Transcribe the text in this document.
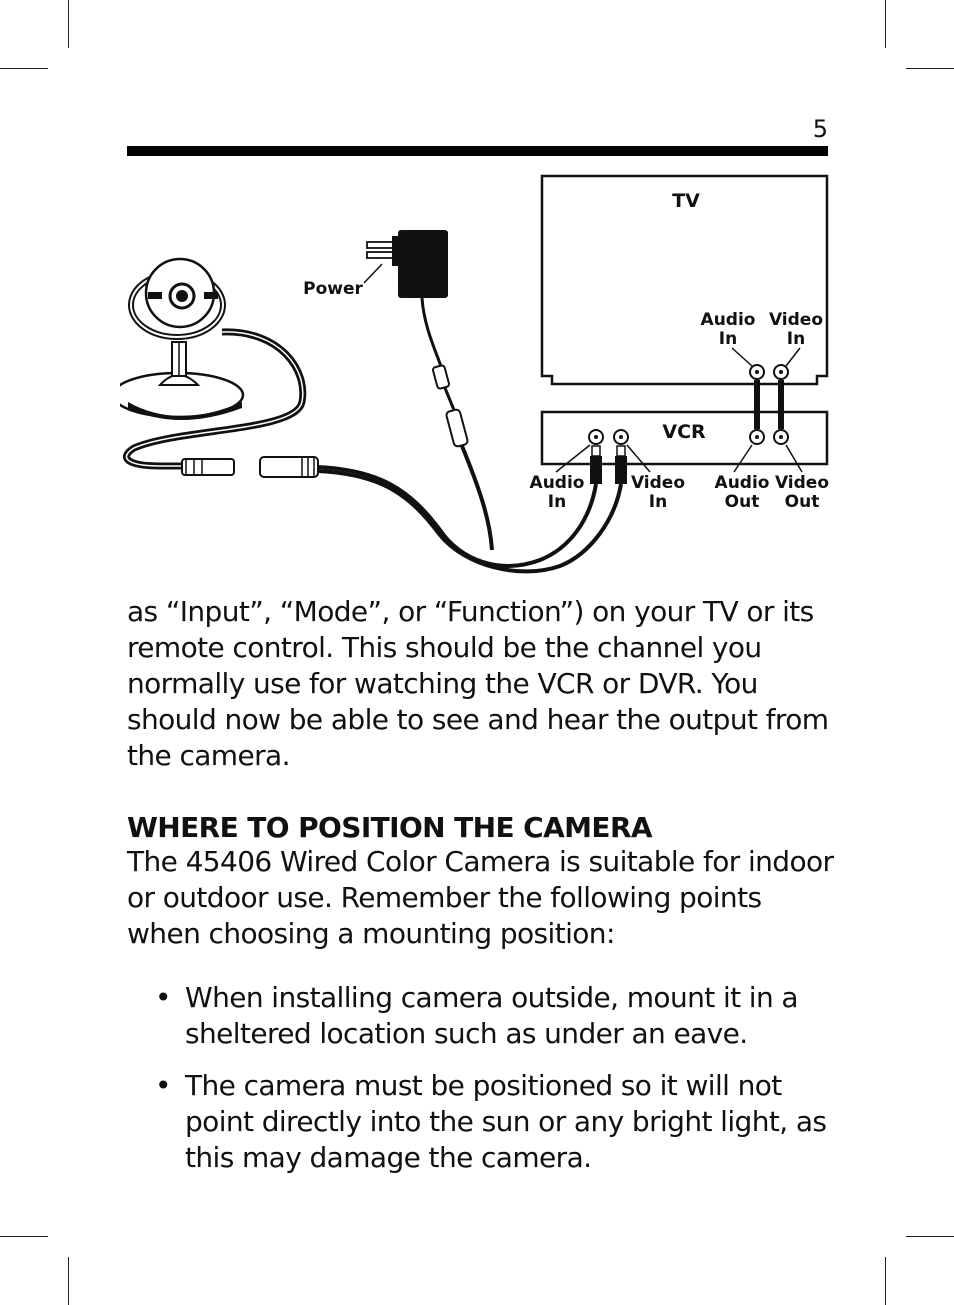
5
TV
Audio
In
Video
In
VCR
Audio
In
Video
In
Audio
Out
Video
Out
Power

as “Input”, “Mode”, or “Function”) on your TV or its remote control. This should be the channel you normally use for watching the VCR or DVR. You should now be able to see and hear the output from the camera.

WHERE TO POSITION THE CAMERA

The 45406 Wired Color Camera is suitable for indoor or outdoor use. Remember the following points when choosing a mounting position:

• When installing camera outside, mount it in a sheltered location such as under an eave.
• The camera must be positioned so it will not point directly into the sun or any bright light, as this may damage the camera.
